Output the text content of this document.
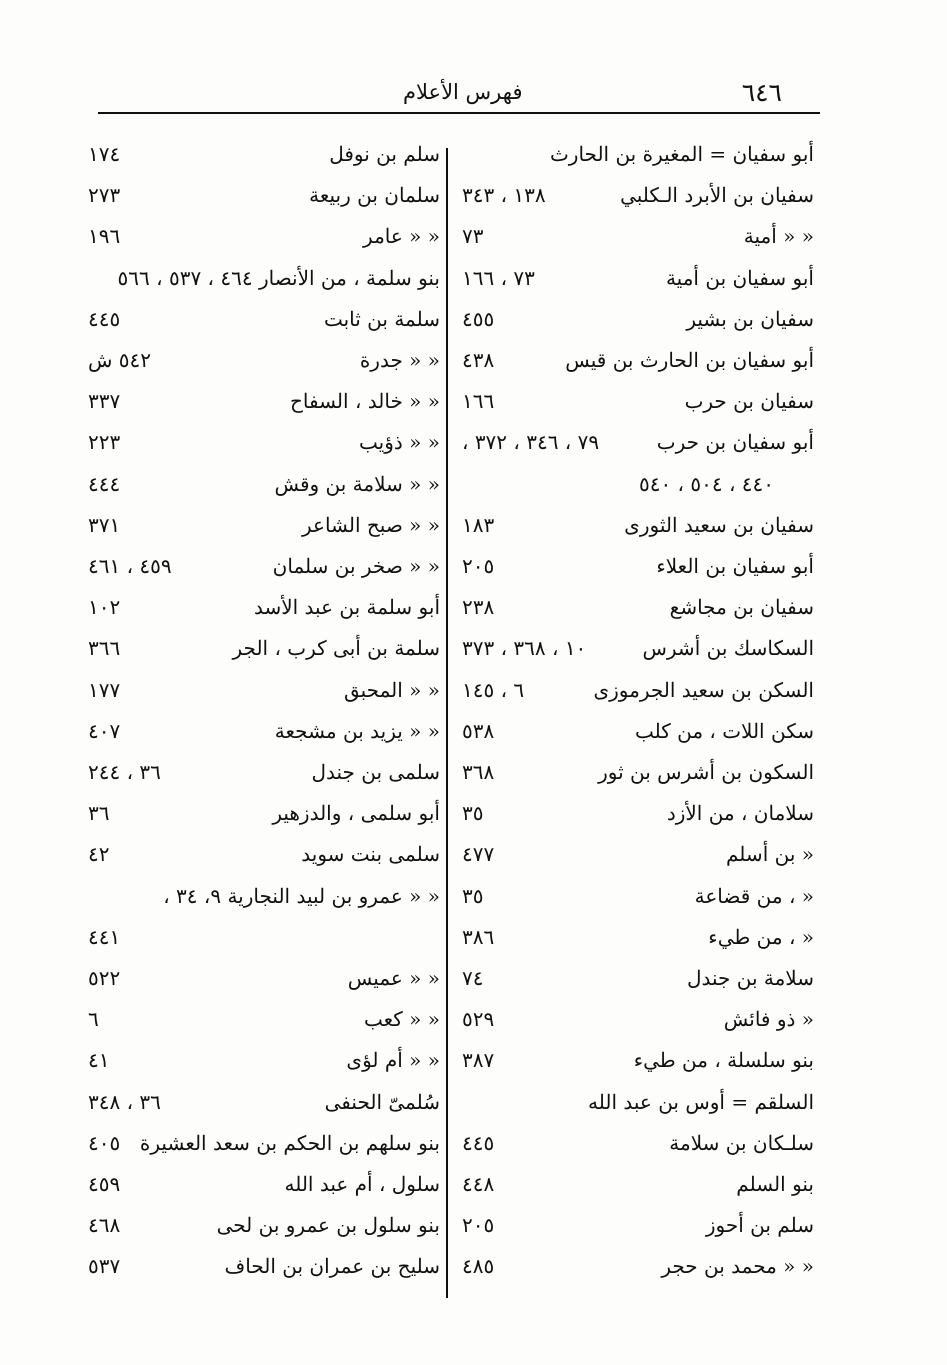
٦٤٦
فهرس الأعلام
أبو سفيان = المغيرة بن الحارث
سفيان بن الأبرد الـكلبي
١٣٨ ، ٣٤٣
« « أمية
٧٣
أبو سفيان بن أمية
٧٣ ، ١٦٦
سفيان بن بشير
٤٥٥
أبو سفيان بن الحارث بن قيس
٤٣٨
سفيان بن حرب
١٦٦
أبو سفيان بن حرب
٧٩ ، ٣٤٦ ، ٣٧٢ ،
٤٤٠ ، ٥٠٤ ، ٥٤٠
سفيان بن سعيد الثورى
١٨٣
أبو سفيان بن العلاء
٢٠٥
سفيان بن مجاشع
٢٣٨
السكاسك بن أشرس
١٠ ، ٣٦٨ ، ٣٧٣
السكن بن سعيد الجرموزى
٦ ، ١٤٥
سكن اللات ، من كلب
٥٣٨
السكون بن أشرس بن ثور
٣٦٨
سلامان ، من الأزد
٣٥
« بن أسلم
٤٧٧
« ، من قضاعة
٣٥
« ، من طيء
٣٨٦
سلامة بن جندل
٧٤
« ذو فائش
٥٢٩
بنو سلسلة ، من طيء
٣٨٧
السلقم = أوس بن عبد الله
سلـكان بن سلامة
٤٤٥
بنو السلم
٤٤٨
سلم بن أحوز
٢٠٥
« « محمد بن حجر
٤٨٥
سلم بن نوفل
١٧٤
سلمان بن ربيعة
٢٧٣
« « عامر
١٩٦
بنو سلمة ، من الأنصار ٤٦٤ ، ٥٣٧ ، ٥٦٦
سلمة بن ثابت
٤٤٥
« « جدرة
٥٤٢ ش
« « خالد ، السفاح
٣٣٧
« « ذؤيب
٢٢٣
« « سلامة بن وقش
٤٤٤
« « صبح الشاعر
٣٧١
« « صخر بن سلمان
٤٥٩ ، ٤٦١
أبو سلمة بن عبد الأسد
١٠٢
سلمة بن أبى كرب ، الجر
٣٦٦
« « المحبق
١٧٧
« « يزيد بن مشجعة
٤٠٧
سلمى بن جندل
٣٦ ، ٢٤٤
أبو سلمى ، والدزهير
٣٦
سلمى بنت سويد
٤٢
« « عمرو بن لبيد النجارية ٩، ٣٤ ،
٤٤١
« « عميس
٥٢٢
« « كعب
٦
« « أم لؤى
٤١
سُلمىّ الحنفى
٣٦ ، ٣٤٨
بنو سلهم بن الحكم بن سعد العشيرة
٤٠٥
سلول ، أم عبد الله
٤٥٩
بنو سلول بن عمرو بن لحى
٤٦٨
سليح بن عمران بن الحاف
٥٣٧
